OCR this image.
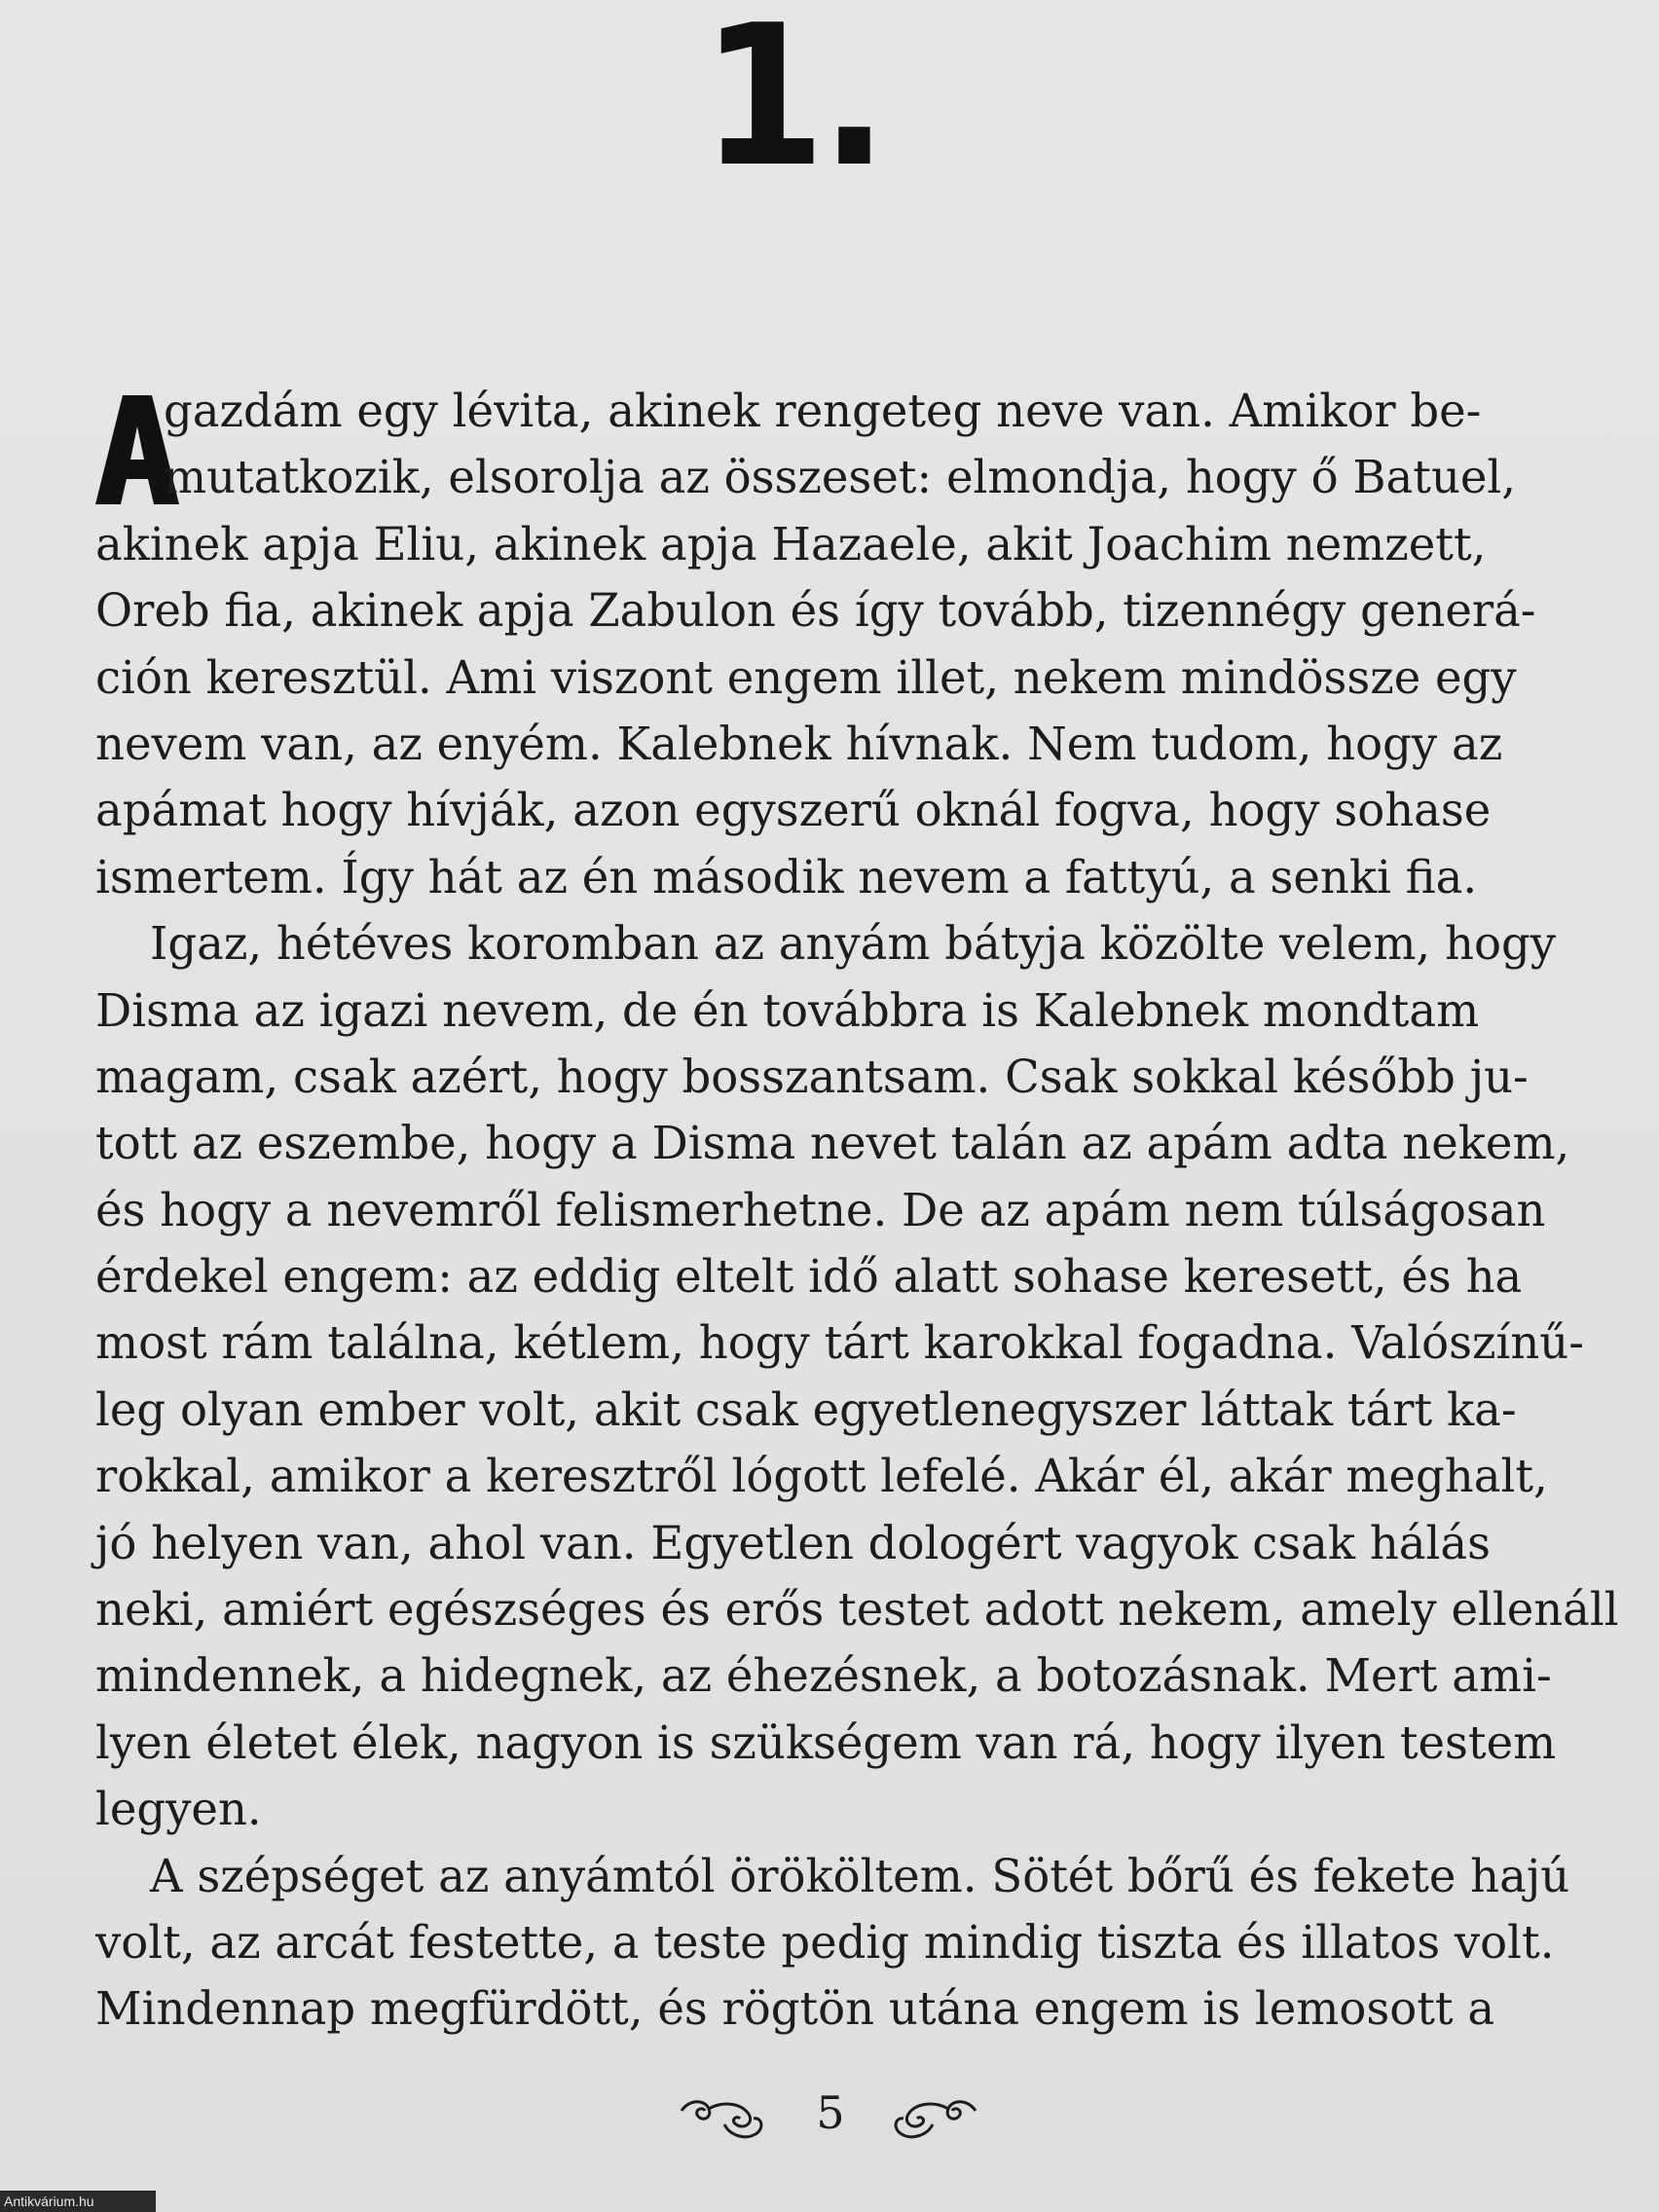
1.
gazdám egy lévita, akinek rengeteg neve van. Amikor be-
mutatkozik, elsorolja az összeset: elmondja, hogy ő Batuel,
akinek apja Eliu, akinek apja Hazaele, akit Joachim nemzett,
Oreb fia, akinek apja Zabulon és így tovább, tizennégy generá-
ción keresztül. Ami viszont engem illet, nekem mindössze egy
nevem van, az enyém. Kalebnek hívnak. Nem tudom, hogy az
apámat hogy hívják, azon egyszerű oknál fogva, hogy sohase
ismertem. Így hát az én második nevem a fattyú, a senki fia.
Igaz, hétéves koromban az anyám bátyja közölte velem, hogy
Disma az igazi nevem, de én továbbra is Kalebnek mondtam
magam, csak azért, hogy bosszantsam. Csak sokkal később ju-
tott az eszembe, hogy a Disma nevet talán az apám adta nekem,
és hogy a nevemről felismerhetne. De az apám nem túlságosan
érdekel engem: az eddig eltelt idő alatt sohase keresett, és ha
most rám találna, kétlem, hogy tárt karokkal fogadna. Valószínű-
leg olyan ember volt, akit csak egyetlenegyszer láttak tárt ka-
rokkal, amikor a keresztről lógott lefelé. Akár él, akár meghalt,
jó helyen van, ahol van. Egyetlen dologért vagyok csak hálás
neki, amiért egészséges és erős testet adott nekem, amely ellenáll
mindennek, a hidegnek, az éhezésnek, a botozásnak. Mert ami-
lyen életet élek, nagyon is szükségem van rá, hogy ilyen testem
legyen.
A szépséget az anyámtól örököltem. Sötét bőrű és fekete hajú
volt, az arcát festette, a teste pedig mindig tiszta és illatos volt.
Mindennap megfürdött, és rögtön utána engem is lemosott a
5
Antikvárium.hu
